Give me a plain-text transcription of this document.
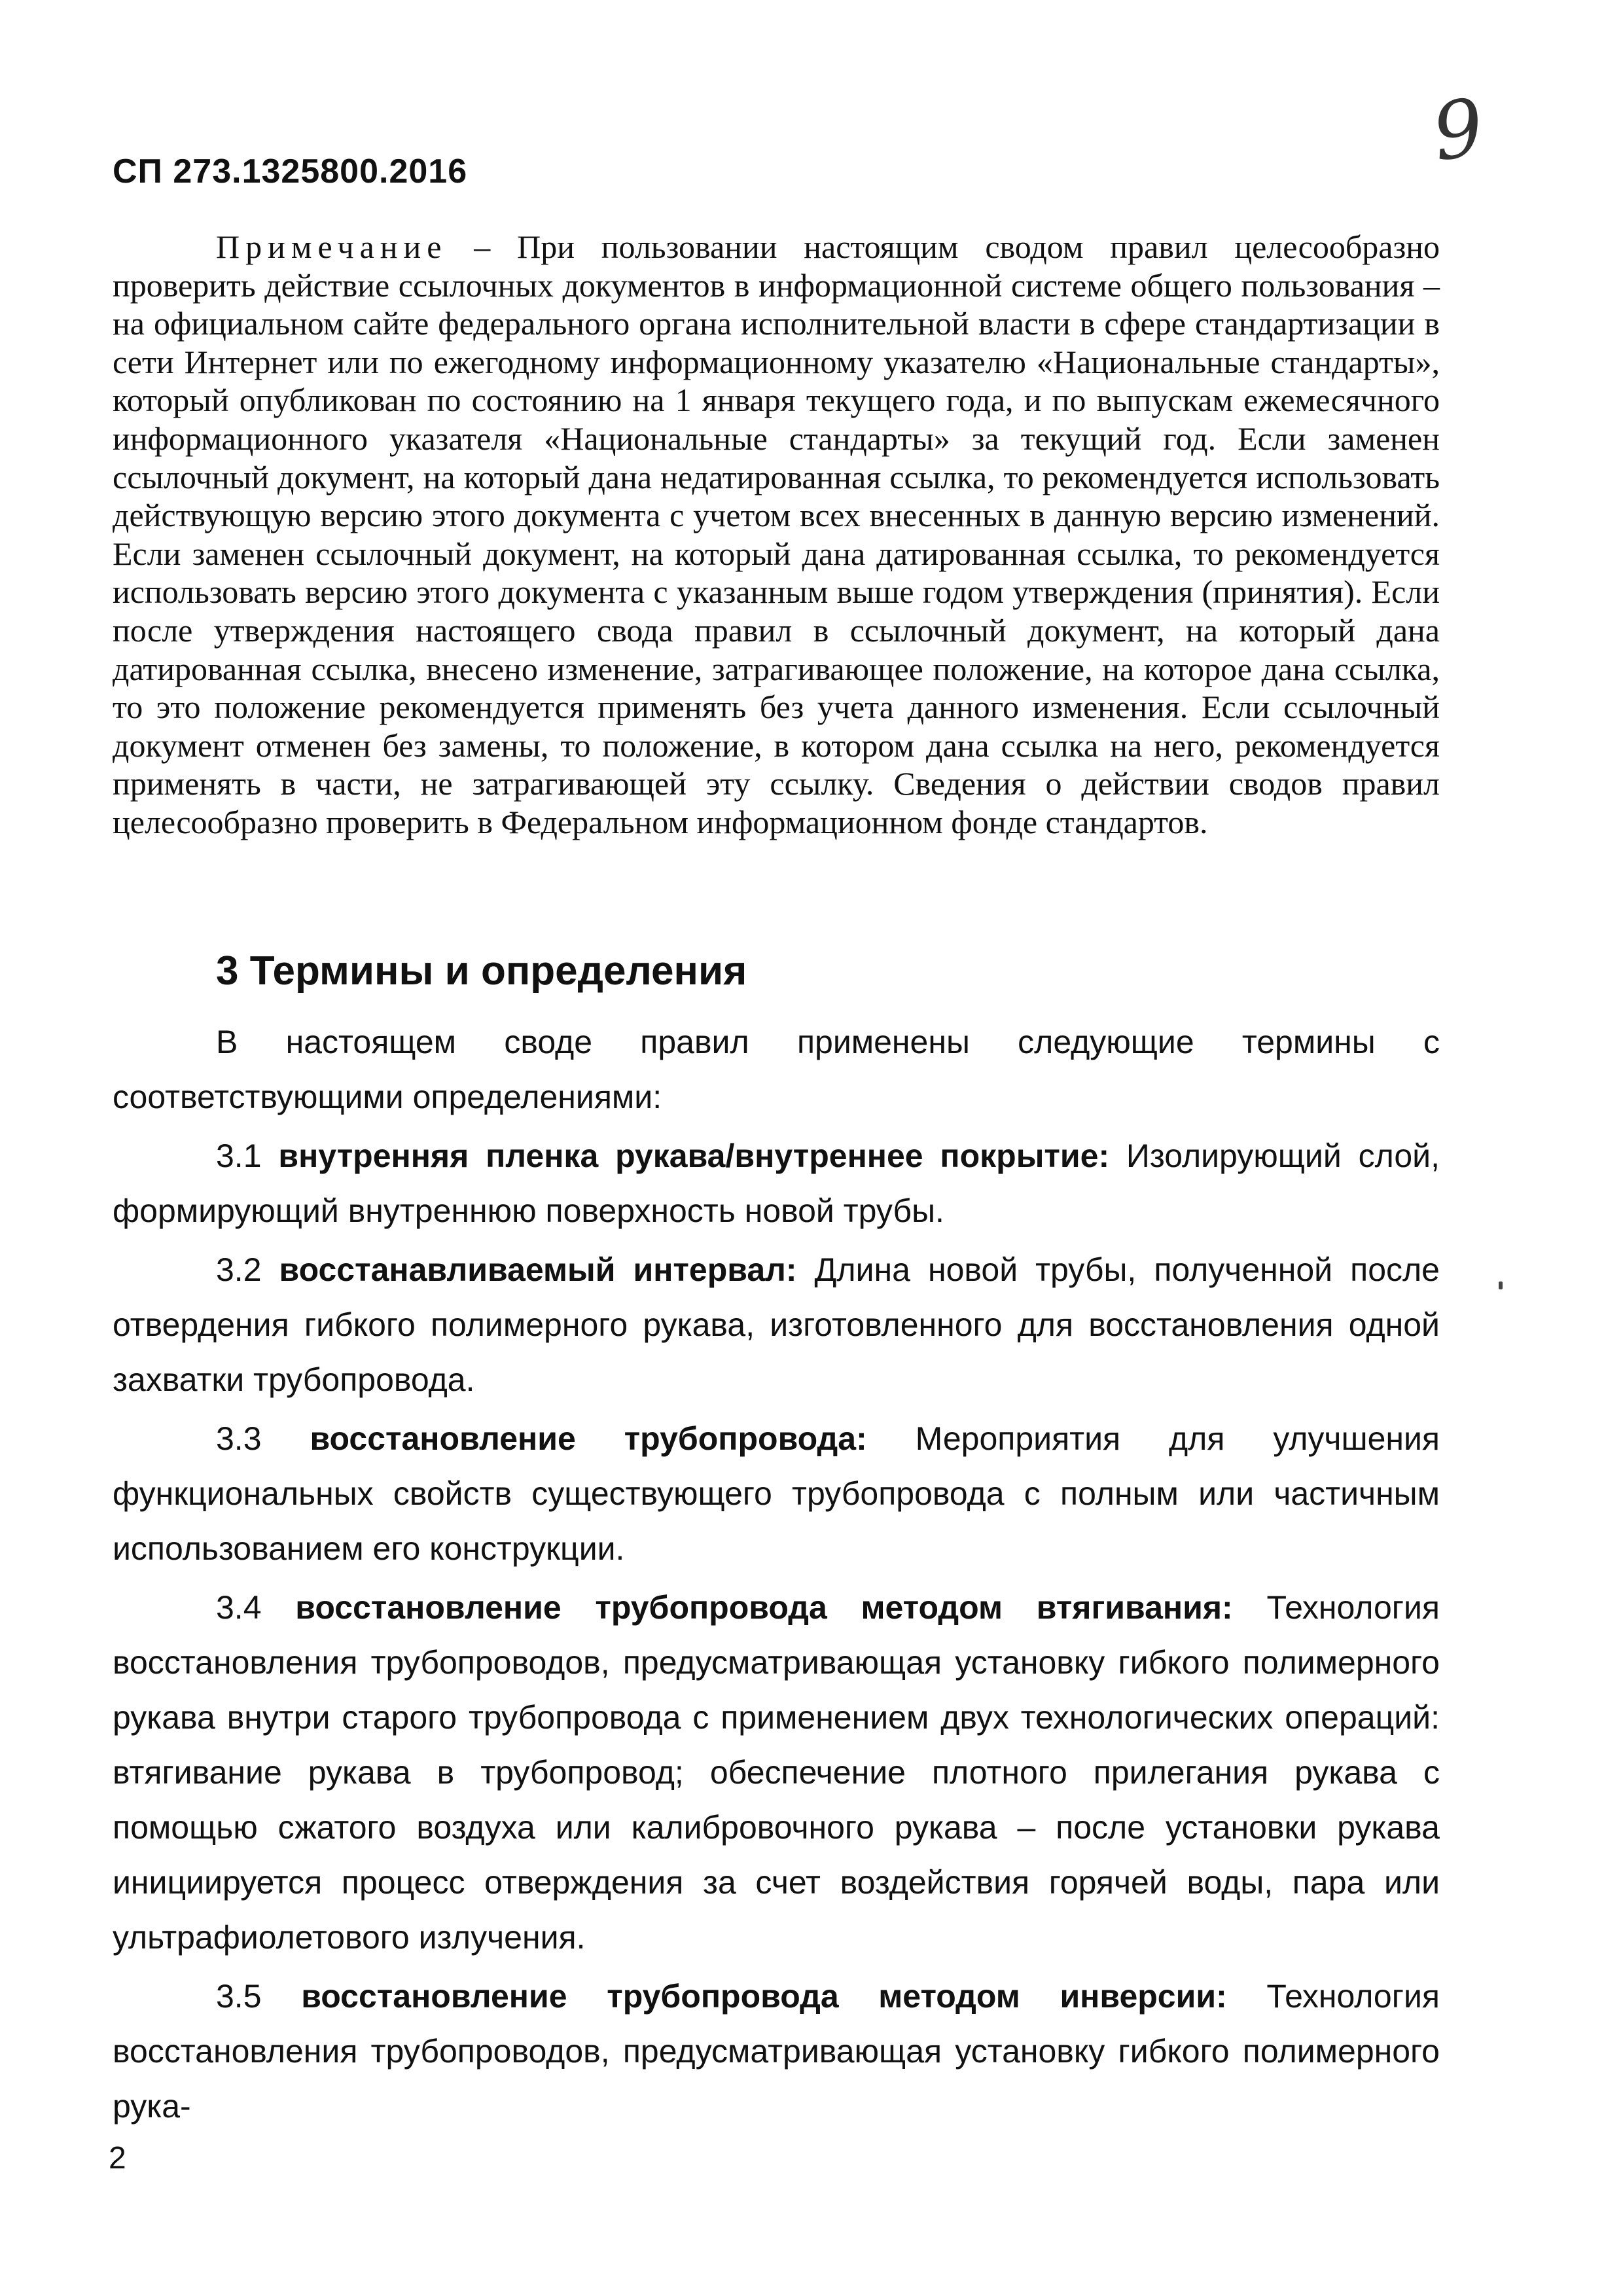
СП 273.1325800.2016	9
Примечание – При пользовании настоящим сводом правил целесообразно проверить действие ссылочных документов в информационной системе общего пользования – на официальном сайте федерального органа исполнительной власти в сфере стандартизации в сети Интернет или по ежегодному информационному указателю «Национальные стандарты», который опубликован по состоянию на 1 января текущего года, и по выпускам ежемесячного информационного указателя «Национальные стандарты» за текущий год. Если заменен ссылочный документ, на который дана недатированная ссылка, то рекомендуется использовать действующую версию этого документа с учетом всех внесенных в данную версию изменений. Если заменен ссылочный документ, на который дана датированная ссылка, то рекомендуется использовать версию этого документа с указанным выше годом утверждения (принятия). Если после утверждения настоящего свода правил в ссылочный документ, на который дана датированная ссылка, внесено изменение, затрагивающее положение, на которое дана ссылка, то это положение рекомендуется применять без учета данного изменения. Если ссылочный документ отменен без замены, то положение, в котором дана ссылка на него, рекомендуется применять в части, не затрагивающей эту ссылку. Сведения о действии сводов правил целесообразно проверить в Федеральном информационном фонде стандартов.
3 Термины и определения

В настоящем своде правил применены следующие термины с соответствующими определениями:

3.1 внутренняя пленка рукава/внутреннее покрытие: Изолирующий слой, формирующий внутреннюю поверхность новой трубы.

3.2 восстанавливаемый интервал: Длина новой трубы, полученной после отвердения гибкого полимерного рукава, изготовленного для восстановления одной захватки трубопровода.

3.3 восстановление трубопровода: Мероприятия для улучшения функциональных свойств существующего трубопровода с полным или частичным использованием его конструкции.

3.4 восстановление трубопровода методом втягивания: Технология восстановления трубопроводов, предусматривающая установку гибкого полимерного рукава внутри старого трубопровода с применением двух технологических операций: втягивание рукава в трубопровод; обеспечение плотного прилегания рукава с помощью сжатого воздуха или калибровочного рукава – после установки рукава инициируется процесс отверждения за счет воздействия горячей воды, пара или ультрафиолетового излучения.

3.5 восстановление трубопровода методом инверсии: Технология восстановления трубопроводов, предусматривающая установку гибкого полимерного рука-

2
